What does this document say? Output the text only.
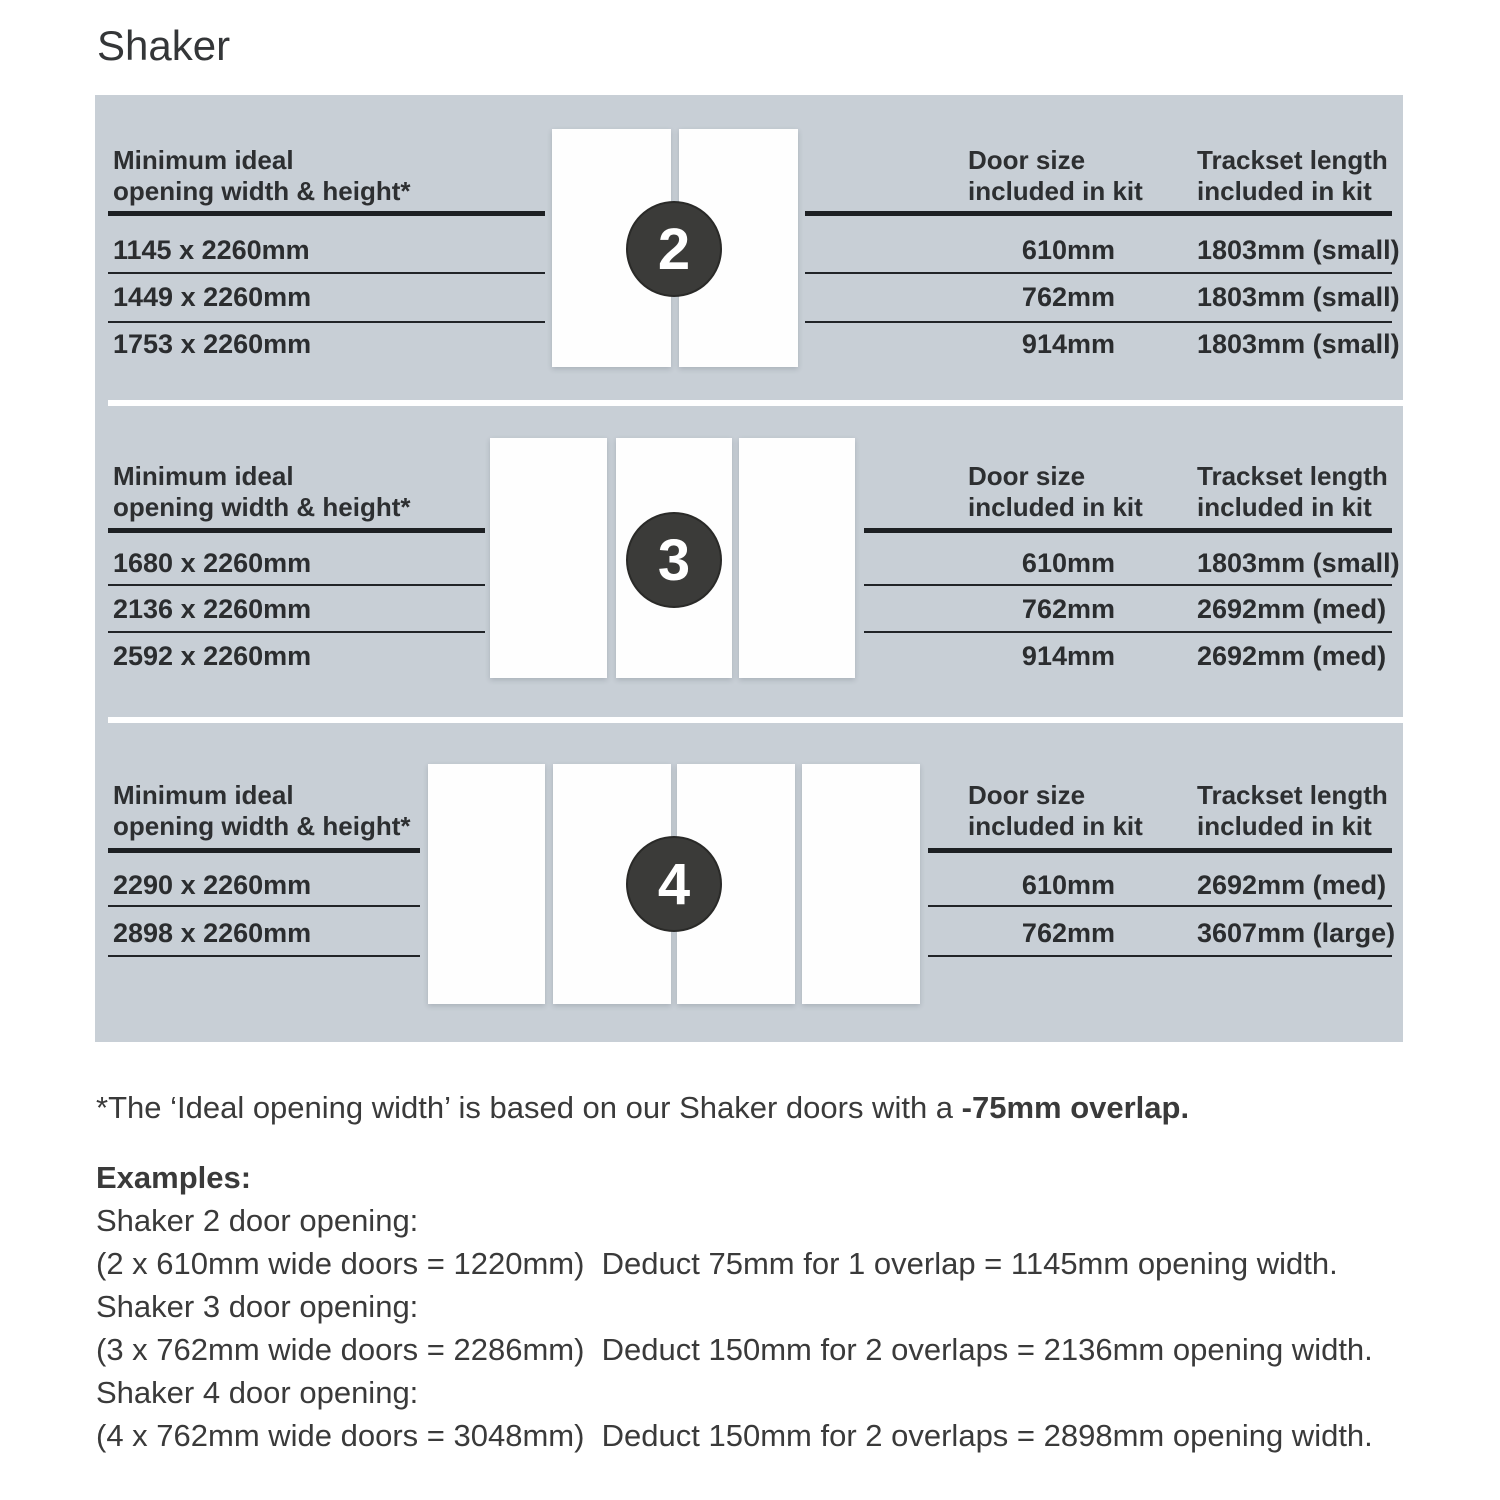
Shaker
Minimum ideal
opening width & height*
1145 x 2260mm
1449 x 2260mm
1753 x 2260mm
2
Door size
included in kit
Trackset length
included in kit
610mm
762mm
914mm
1803mm (small)
1803mm (small)
1803mm (small)
Minimum ideal
opening width & height*
1680 x 2260mm
2136 x 2260mm
2592 x 2260mm
3
Door size
included in kit
Trackset length
included in kit
610mm
762mm
914mm
1803mm (small)
2692mm (med)
2692mm (med)
Minimum ideal
opening width & height*
2290 x 2260mm
2898 x 2260mm
4
Door size
included in kit
Trackset length
included in kit
610mm
762mm
2692mm (med)
3607mm (large)
*The ‘Ideal opening width’ is based on our Shaker doors with a -75mm overlap.
Examples:
Shaker 2 door opening:
(2 x 610mm wide doors = 1220mm)  Deduct 75mm for 1 overlap = 1145mm opening width.
Shaker 3 door opening:
(3 x 762mm wide doors = 2286mm)  Deduct 150mm for 2 overlaps = 2136mm opening width.
Shaker 4 door opening:
(4 x 762mm wide doors = 3048mm)  Deduct 150mm for 2 overlaps = 2898mm opening width.
